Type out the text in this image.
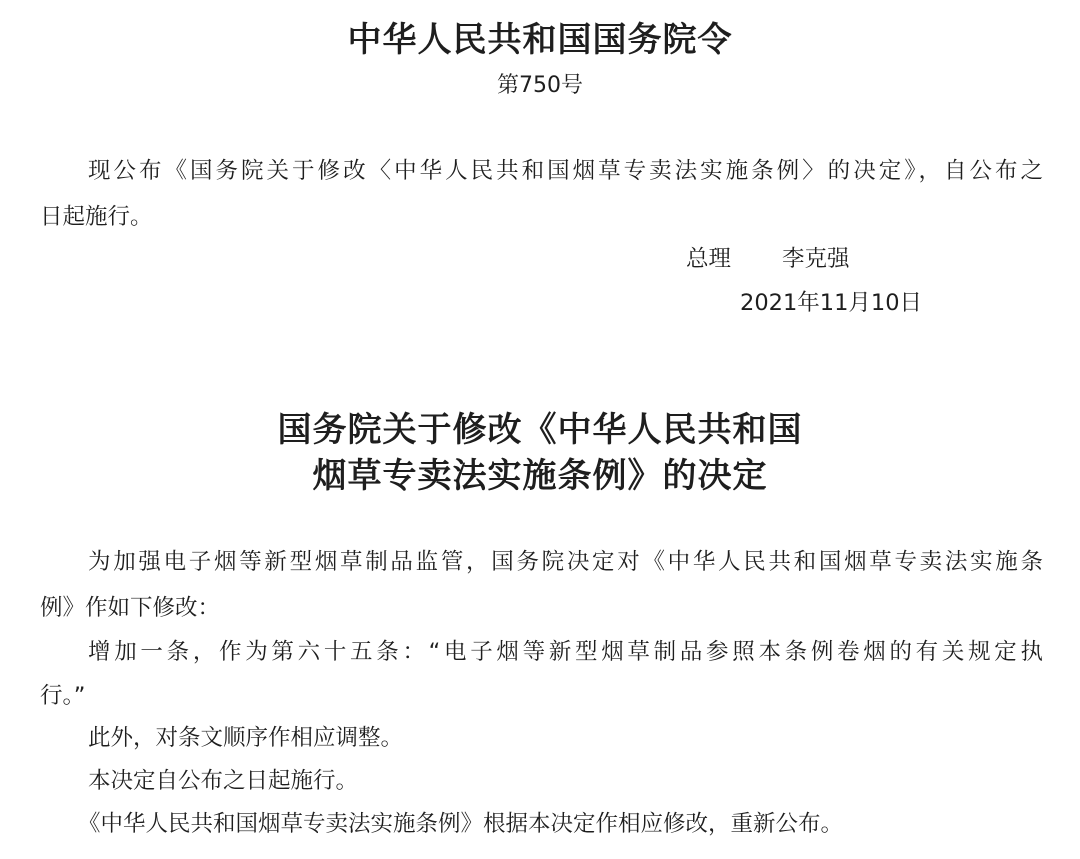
中华人民共和国国务院令
第750号

现公布《国务院关于修改〈中华人民共和国烟草专卖法实施条例〉的决定》，自公布之

日起施行。

总理 李克强
2021年11月10日
国务院关于修改《中华人民共和国
烟草专卖法实施条例》的决定

为加强电子烟等新型烟草制品监管，国务院决定对《中华人民共和国烟草专卖法实施条

例》作如下修改：

增加一条，作为第六十五条：“电子烟等新型烟草制品参照本条例卷烟的有关规定执

行。”

此外，对条文顺序作相应调整。

本决定自公布之日起施行。

《中华人民共和国烟草专卖法实施条例》根据本决定作相应修改，重新公布。
